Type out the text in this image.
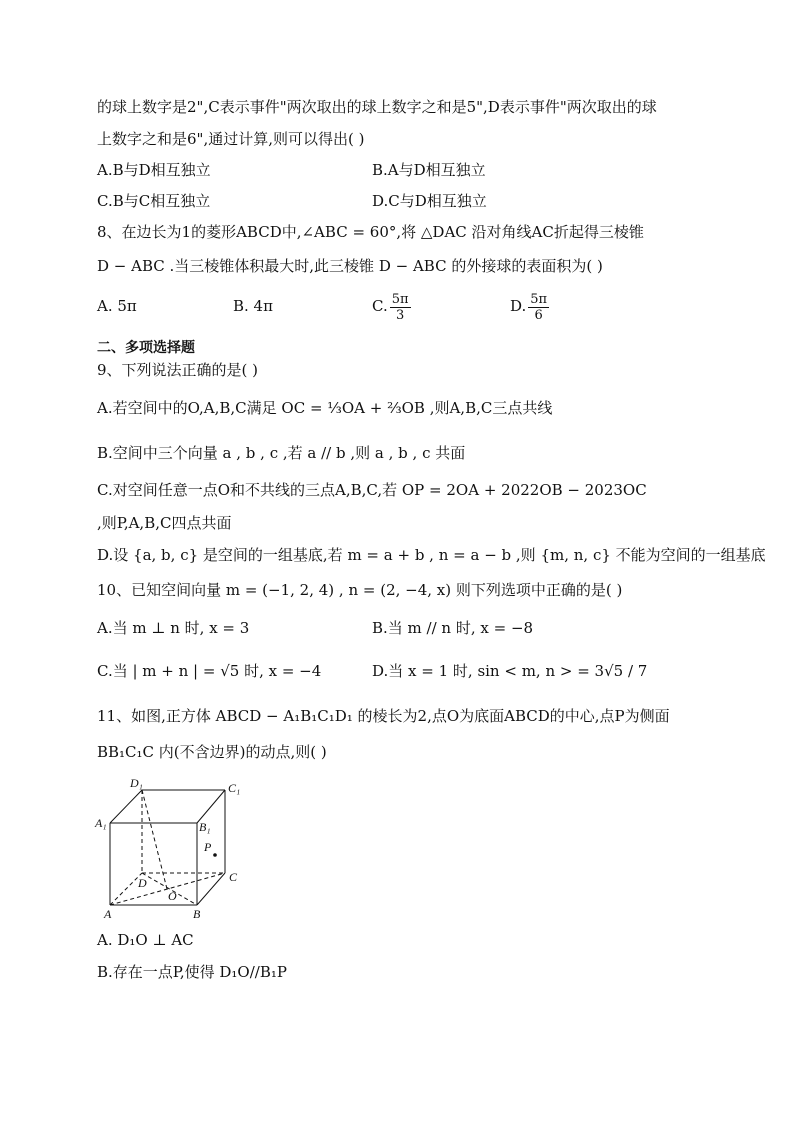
的球上数字是2",C表示事件"两次取出的球上数字之和是5",D表示事件"两次取出的球
上数字之和是6",通过计算,则可以得出( )
A.B与D相互独立	B.A与D相互独立
C.B与C相互独立	D.C与D相互独立
8、在边长为1的菱形ABCD中,∠ABC = 60°,将 △DAC 沿对角线AC折起得三棱锥
D − ABC .当三棱锥体积最大时,此三棱锥 D − ABC 的外接球的表面积为( )
A. 5π	B. 4π	C. $\frac{5\pi}{3}$	D. $\frac{5\pi}{6}$
二、多项选择题
9、下列说法正确的是( )
A.若空间中的O,A,B,C满足 OC = ⅓OA + ⅔OB ,则A,B,C三点共线
B.空间中三个向量 a , b , c ,若 a // b ,则 a , b , c 共面
C.对空间任意一点O和不共线的三点A,B,C,若 OP = 2OA + 2022OB − 2023OC
,则P,A,B,C四点共面
D.设 {a, b, c} 是空间的一组基底,若 m = a + b , n = a − b ,则 {m, n, c} 不能为空间的一组基底
10、已知空间向量 m = (−1, 2, 4) , n = (2, −4, x) 则下列选项中正确的是( )
A.当 m ⊥ n 时, x = 3	B.当 m // n 时, x = −8
C.当 | m + n | = √5 时, x = −4	D.当 x = 1 时, sin < m, n > = 3√5 / 7
11、如图,正方体 ABCD − A₁B₁C₁D₁ 的棱长为2,点O为底面ABCD的中心,点P为侧面
BB₁C₁C 内(不含边界)的动点,则( )
D₁	C₁
A₁	B₁
P
D	C
O
A	B
A. D₁O ⊥ AC
B.存在一点P,使得 D₁O//B₁P
